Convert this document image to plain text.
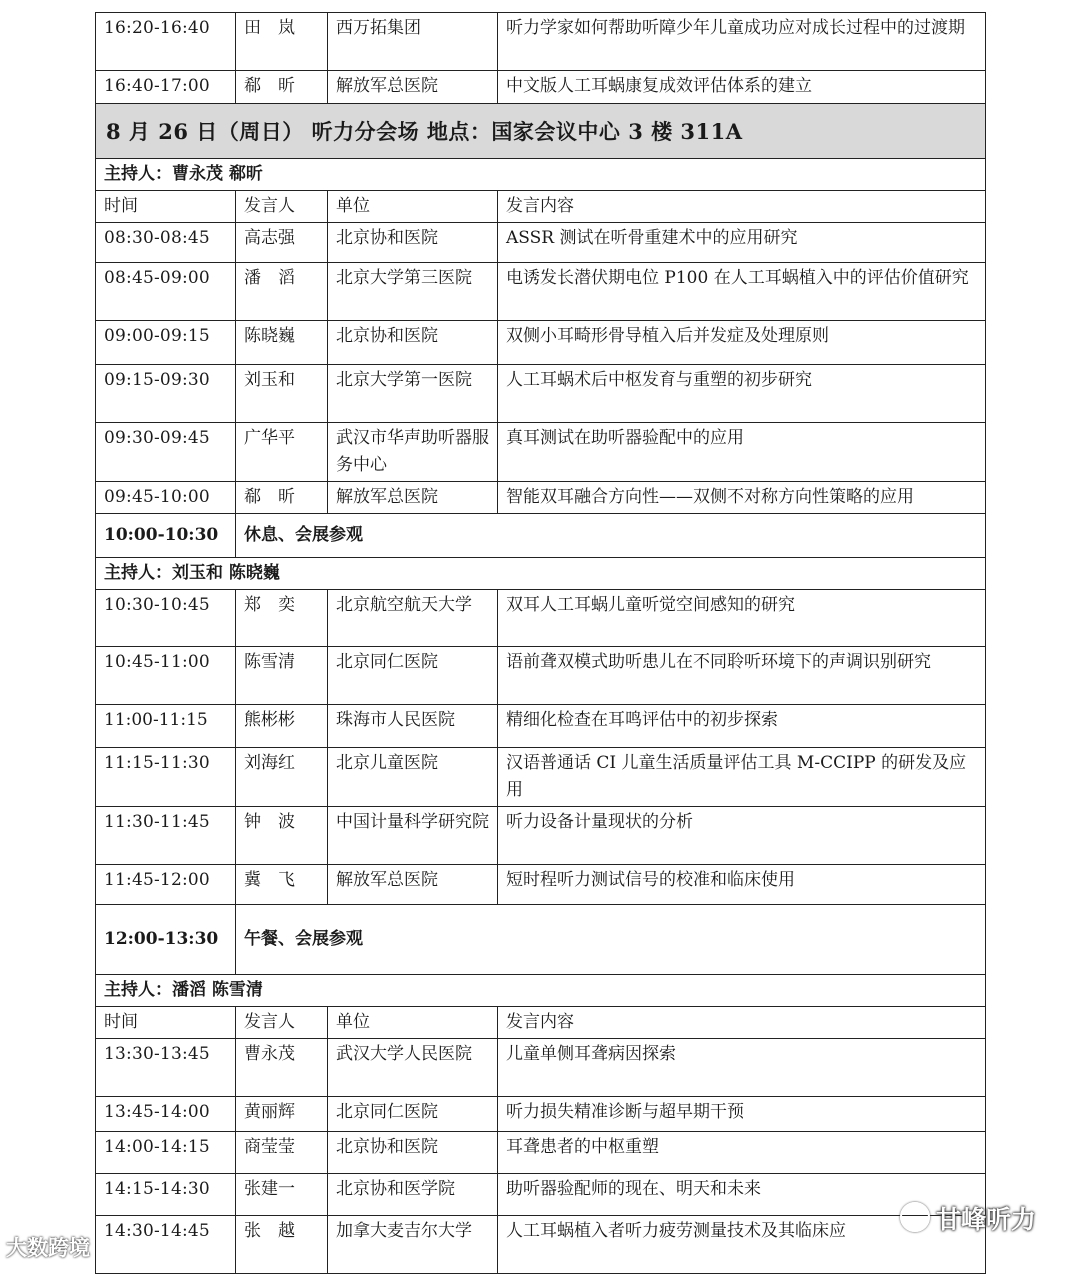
16:20-16:40	田　岚	西万拓集团	听力学家如何帮助听障少年儿童成功应对成长过程中的过渡期
16:40-17:00	郗　昕	解放军总医院	中文版人工耳蜗康复成效评估体系的建立
8 月 26 日（周日） 听力分会场 地点：国家会议中心 3 楼 311A			
主持人：曹永茂 郗昕			
时间	发言人	单位	发言内容
08:30-08:45	高志强	北京协和医院	ASSR 测试在听骨重建术中的应用研究
08:45-09:00	潘　滔	北京大学第三医院	电诱发长潜伏期电位 P100 在人工耳蜗植入中的评估价值研究
09:00-09:15	陈晓巍	北京协和医院	双侧小耳畸形骨导植入后并发症及处理原则
09:15-09:30	刘玉和	北京大学第一医院	人工耳蜗术后中枢发育与重塑的初步研究
09:30-09:45	广华平	武汉市华声助听器服务中心	真耳测试在助听器验配中的应用
09:45-10:00	郗　昕	解放军总医院	智能双耳融合方向性——双侧不对称方向性策略的应用
10:00-10:30	休息、会展参观		
主持人：刘玉和 陈晓巍			
10:30-10:45	郑　奕	北京航空航天大学	双耳人工耳蜗儿童听觉空间感知的研究
10:45-11:00	陈雪清	北京同仁医院	语前聋双模式助听患儿在不同聆听环境下的声调识别研究
11:00-11:15	熊彬彬	珠海市人民医院	精细化检查在耳鸣评估中的初步探索
11:15-11:30	刘海红	北京儿童医院	汉语普通话 CI 儿童生活质量评估工具 M-CCIPP 的研发及应用
11:30-11:45	钟　波	中国计量科学研究院	听力设备计量现状的分析
11:45-12:00	冀　飞	解放军总医院	短时程听力测试信号的校准和临床使用
12:00-13:30	午餐、会展参观		
主持人：潘滔 陈雪清			
时间	发言人	单位	发言内容
13:30-13:45	曹永茂	武汉大学人民医院	儿童单侧耳聋病因探索
13:45-14:00	黄丽辉	北京同仁医院	听力损失精准诊断与超早期干预
14:00-14:15	商莹莹	北京协和医院	耳聋患者的中枢重塑
14:15-14:30	张建一	北京协和医学院	助听器验配师的现在、明天和未来
14:30-14:45	张　越	加拿大麦吉尔大学	人工耳蜗植入者听力疲劳测量技术及其临床应
大数跨境
甘峰听力
